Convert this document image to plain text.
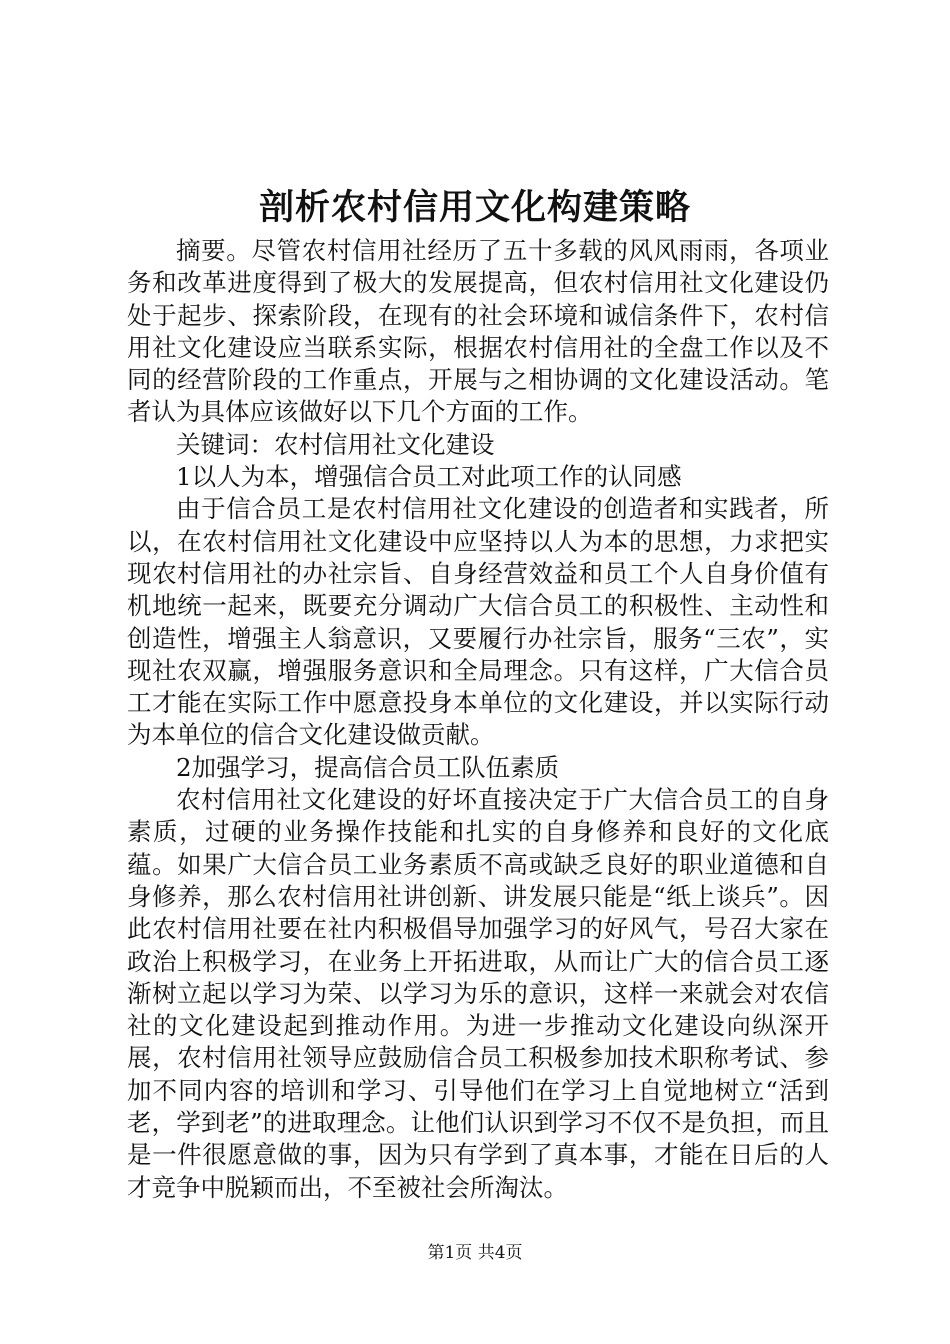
剖析农村信用文化构建策略

摘要。尽管农村信用社经历了五十多载的风风雨雨，各项业务和改革进度得到了极大的发展提高，但农村信用社文化建设仍处于起步、探索阶段，在现有的社会环境和诚信条件下，农村信用社文化建设应当联系实际，根据农村信用社的全盘工作以及不同的经营阶段的工作重点，开展与之相协调的文化建设活动。笔者认为具体应该做好以下几个方面的工作。

关键词：农村信用社文化建设

1以人为本，增强信合员工对此项工作的认同感

由于信合员工是农村信用社文化建设的创造者和实践者，所以，在农村信用社文化建设中应坚持以人为本的思想，力求把实现农村信用社的办社宗旨、自身经营效益和员工个人自身价值有机地统一起来，既要充分调动广大信合员工的积极性、主动性和创造性，增强主人翁意识，又要履行办社宗旨，服务“三农”，实现社农双赢，增强服务意识和全局理念。只有这样，广大信合员工才能在实际工作中愿意投身本单位的文化建设，并以实际行动为本单位的信合文化建设做贡献。

2加强学习，提高信合员工队伍素质

农村信用社文化建设的好坏直接决定于广大信合员工的自身素质，过硬的业务操作技能和扎实的自身修养和良好的文化底蕴。如果广大信合员工业务素质不高或缺乏良好的职业道德和自身修养，那么农村信用社讲创新、讲发展只能是“纸上谈兵”。因此农村信用社要在社内积极倡导加强学习的好风气，号召大家在政治上积极学习，在业务上开拓进取，从而让广大的信合员工逐渐树立起以学习为荣、以学习为乐的意识，这样一来就会对农信社的文化建设起到推动作用。为进一步推动文化建设向纵深开展，农村信用社领导应鼓励信合员工积极参加技术职称考试、参加不同内容的培训和学习、引导他们在学习上自觉地树立“活到老，学到老”的进取理念。让他们认识到学习不仅不是负担，而且是一件很愿意做的事，因为只有学到了真本事，才能在日后的人才竞争中脱颖而出，不至被社会所淘汰。

第1页 共4页
